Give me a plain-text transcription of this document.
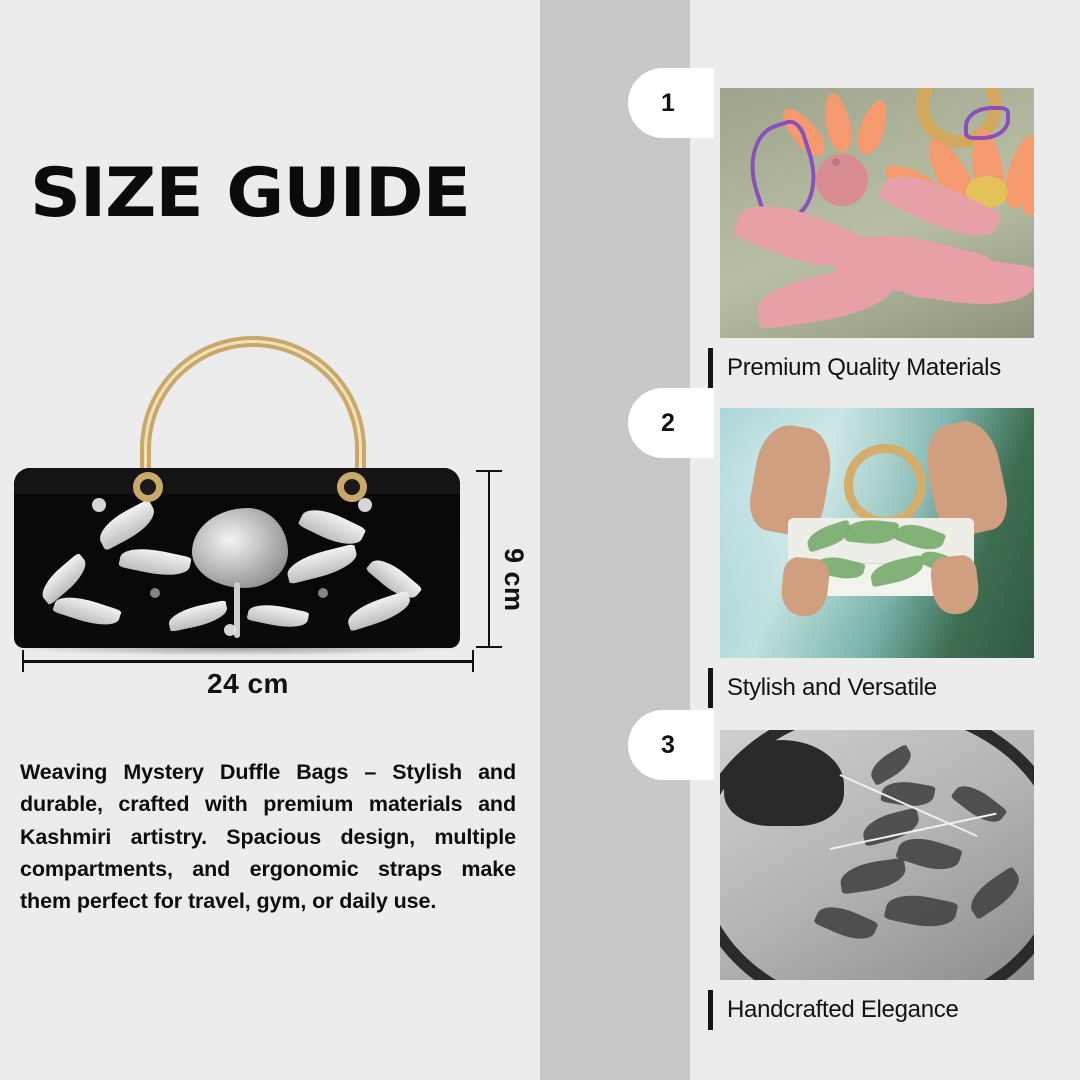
SIZE GUIDE
9 cm
24 cm
Weaving Mystery Duffle Bags – Stylish and durable, crafted with premium materials and Kashmiri artistry. Spacious design, multiple compartments, and ergonomic straps make them perfect for travel, gym, or daily use.
1
Premium Quality Materials
2
Stylish and Versatile
3
Handcrafted Elegance
